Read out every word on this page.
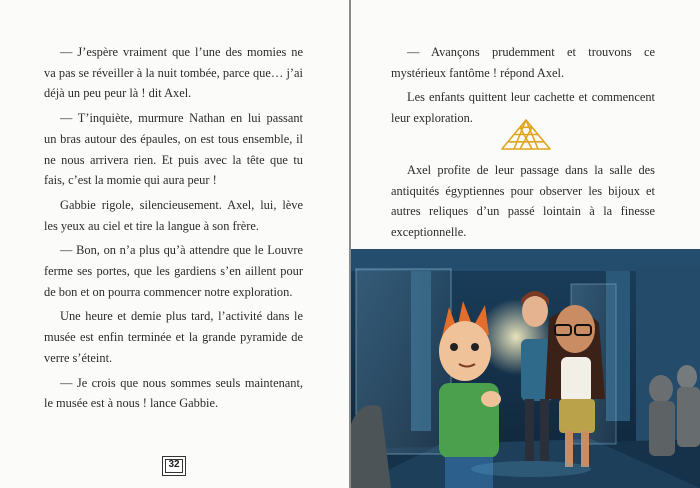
— J’espère vraiment que l’une des momies ne va pas se réveiller à la nuit tombée, parce que… j’ai déjà un peu peur là ! dit Axel.

— T’inquiète, murmure Nathan en lui passant un bras autour des épaules, on est tous ensemble, il ne nous arrivera rien. Et puis avec la tête que tu fais, c’est la momie qui aura peur !

Gabbie rigole, silencieusement. Axel, lui, lève les yeux au ciel et tire la langue à son frère.

— Bon, on n’a plus qu’à attendre que le Louvre ferme ses portes, que les gardiens s’en aillent pour de bon et on pourra commencer notre exploration.

Une heure et demie plus tard, l’activité dans le musée est enfin terminée et la grande pyramide de verre s’éteint.

— Je crois que nous sommes seuls maintenant, le musée est à nous ! lance Gabbie.

32

— Avançons prudemment et trouvons ce mystérieux fantôme ! répond Axel.

Les enfants quittent leur cachette et commencent leur exploration.

Axel profite de leur passage dans la salle des antiquités égyptiennes pour observer les bijoux et autres reliques d’un passé lointain à la finesse exceptionnelle.
